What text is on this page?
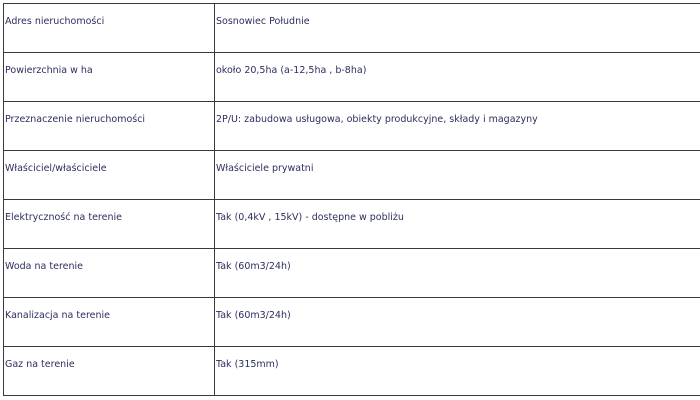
Adres nieruchomości	Sosnowiec Południe

Powierzchnia w ha	około 20,5ha (a-12,5ha , b-8ha)

Przeznaczenie nieruchomości	2P/U: zabudowa usługowa, obiekty produkcyjne, składy i magazyny

Właściciel/właściciele	Właściciele prywatni

Elektryczność na terenie	Tak (0,4kV , 15kV) - dostępne w pobliżu

Woda na terenie	Tak (60m3/24h)

Kanalizacja na terenie	Tak (60m3/24h)

Gaz na terenie	Tak (315mm)
